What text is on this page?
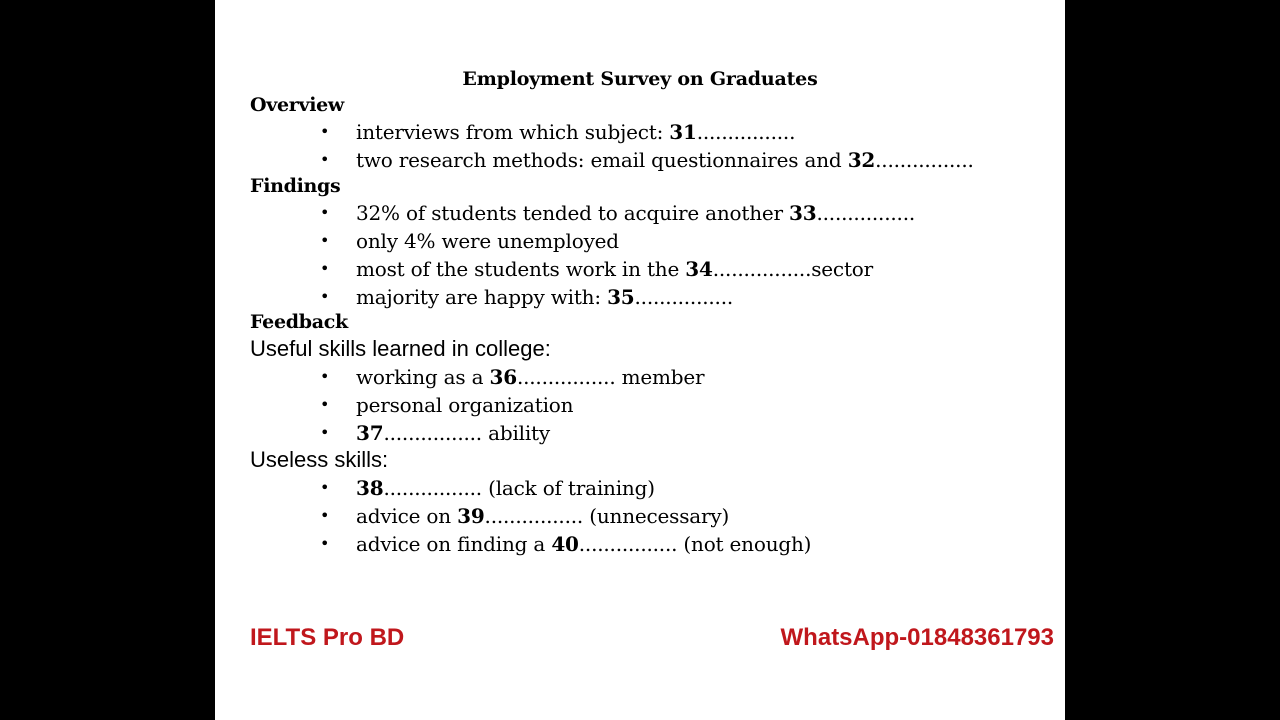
Employment Survey on Graduates
Overview
• interviews from which subject: 31................
• two research methods: email questionnaires and 32................
Findings
• 32% of students tended to acquire another 33................
• only 4% were unemployed
• most of the students work in the 34................sector
• majority are happy with: 35................
Feedback
Useful skills learned in college:
• working as a 36................ member
• personal organization
• 37................ ability
Useless skills:
• 38................ (lack of training)
• advice on 39................ (unnecessary)
• advice on finding a 40................ (not enough)
IELTS Pro BD	WhatsApp-01848361793
